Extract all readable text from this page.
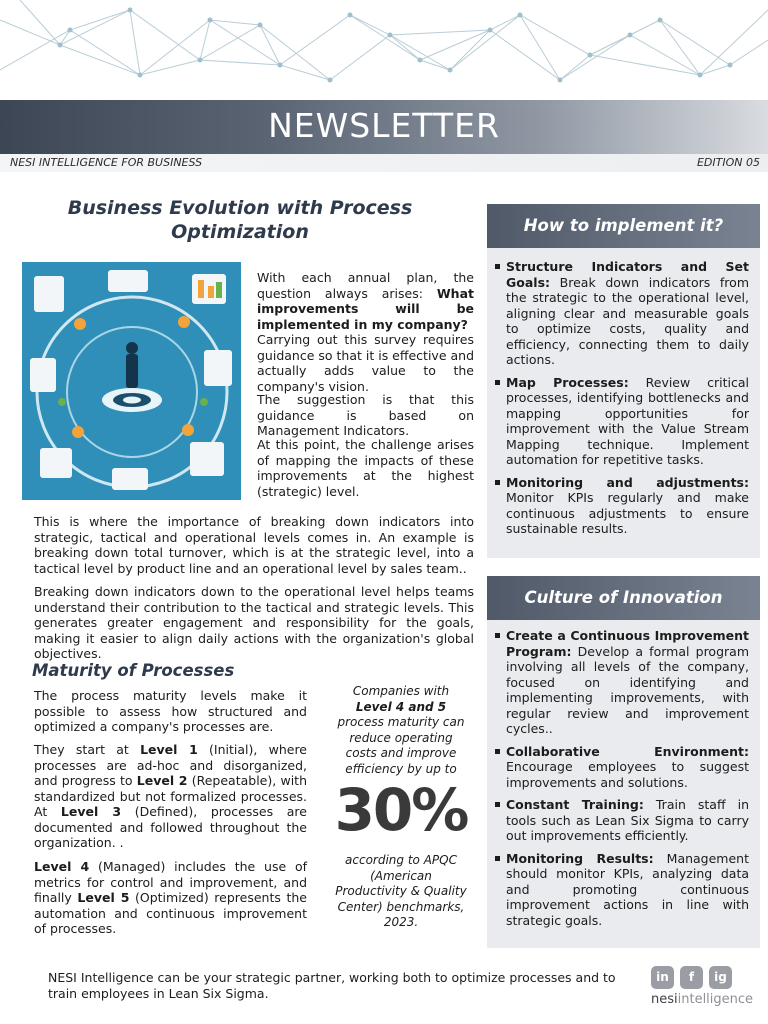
NEWSLETTER
NESI INTELLIGENCE FOR BUSINESS	EDITION 05
Business Evolution with Process Optimization

With each annual plan, the question always arises: What improvements will be implemented in my company?

Carrying out this survey requires guidance so that it is effective and actually adds value to the company's vision.

The suggestion is that this guidance is based on Management Indicators.

At this point, the challenge arises of mapping the impacts of these improvements at the highest (strategic) level.

This is where the importance of breaking down indicators into strategic, tactical and operational levels comes in. An example is breaking down total turnover, which is at the strategic level, into a tactical level by product line and an operational level by sales team..

Breaking down indicators down to the operational level helps teams understand their contribution to the tactical and strategic levels. This generates greater engagement and responsibility for the goals, making it easier to align daily actions with the organization's global objectives.

Maturity of Processes

The process maturity levels make it possible to assess how structured and optimized a company's processes are.

They start at Level 1 (Initial), where processes are ad-hoc and disorganized, and progress to Level 2 (Repeatable), with standardized but not formalized processes. At Level 3 (Defined), processes are documented and followed throughout the organization. .

Level 4 (Managed) includes the use of metrics for control and improvement, and finally Level 5 (Optimized) represents the automation and continuous improvement of processes.

Companies with Level 4 and 5 process maturity can reduce operating costs and improve efficiency by up to
30%
according to APQC (American Productivity & Quality Center) benchmarks, 2023.
How to implement it?
Structure Indicators and Set Goals: Break down indicators from the strategic to the operational level, aligning clear and measurable goals to optimize costs, quality and efficiency, connecting them to daily actions.
Map Processes: Review critical processes, identifying bottlenecks and mapping opportunities for improvement with the Value Stream Mapping technique. Implement automation for repetitive tasks.
Monitoring and adjustments: Monitor KPIs regularly and make continuous adjustments to ensure sustainable results.
Culture of Innovation
Create a Continuous Improvement Program: Develop a formal program involving all levels of the company, focused on identifying and implementing improvements, with regular review and improvement cycles..
Collaborative Environment: Encourage employees to suggest improvements and solutions.
Constant Training: Train staff in tools such as Lean Six Sigma to carry out improvements efficiently.
Monitoring Results: Management should monitor KPIs, analyzing data and promoting continuous improvement actions in line with strategic goals.

NESI Intelligence can be your strategic partner, working both to optimize processes and to train employees in Lean Six Sigma.

in	f	ig
nesiintelligence
